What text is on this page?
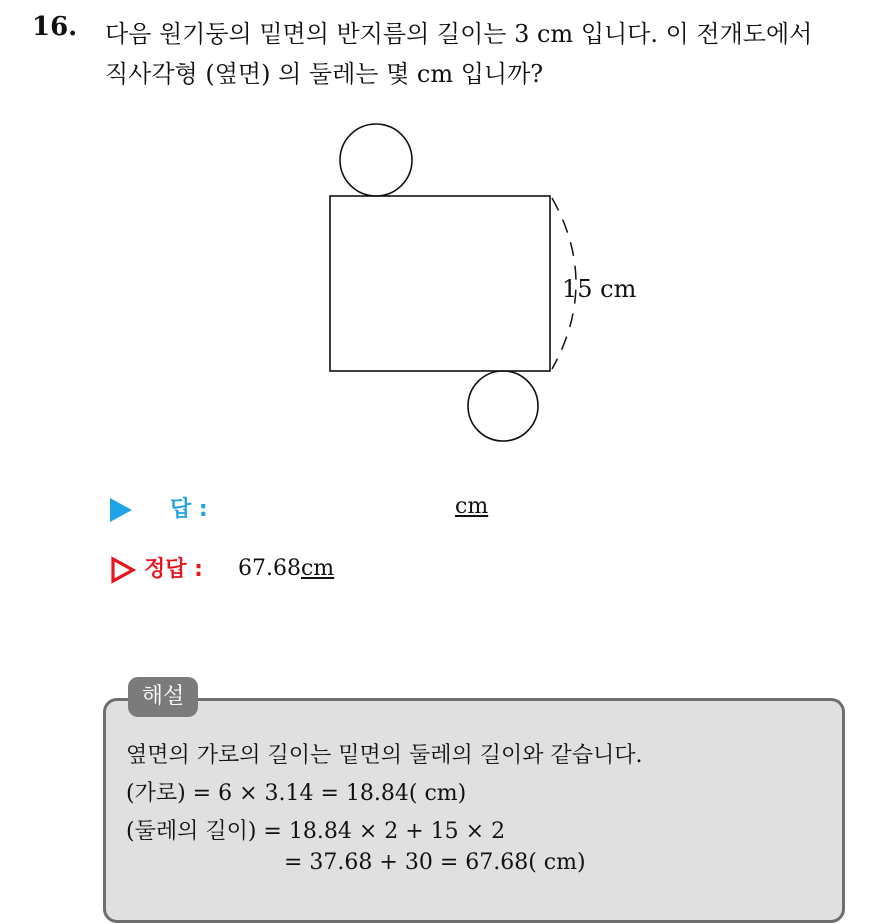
16. 다음 원기둥의 밑면의 반지름의 길이는 3 cm 입니다. 이 전개도에서
직사각형 (옆면) 의 둘레는 몇 cm 입니까?
15 cm
답 :	cm
정답 : 67.68cm
해설
옆면의 가로의 길이는 밑면의 둘레의 길이와 같습니다.
(가로) = 6 × 3.14 = 18.84( cm)
(둘레의 길이) = 18.84 × 2 + 15 × 2
= 37.68 + 30 = 67.68( cm)
